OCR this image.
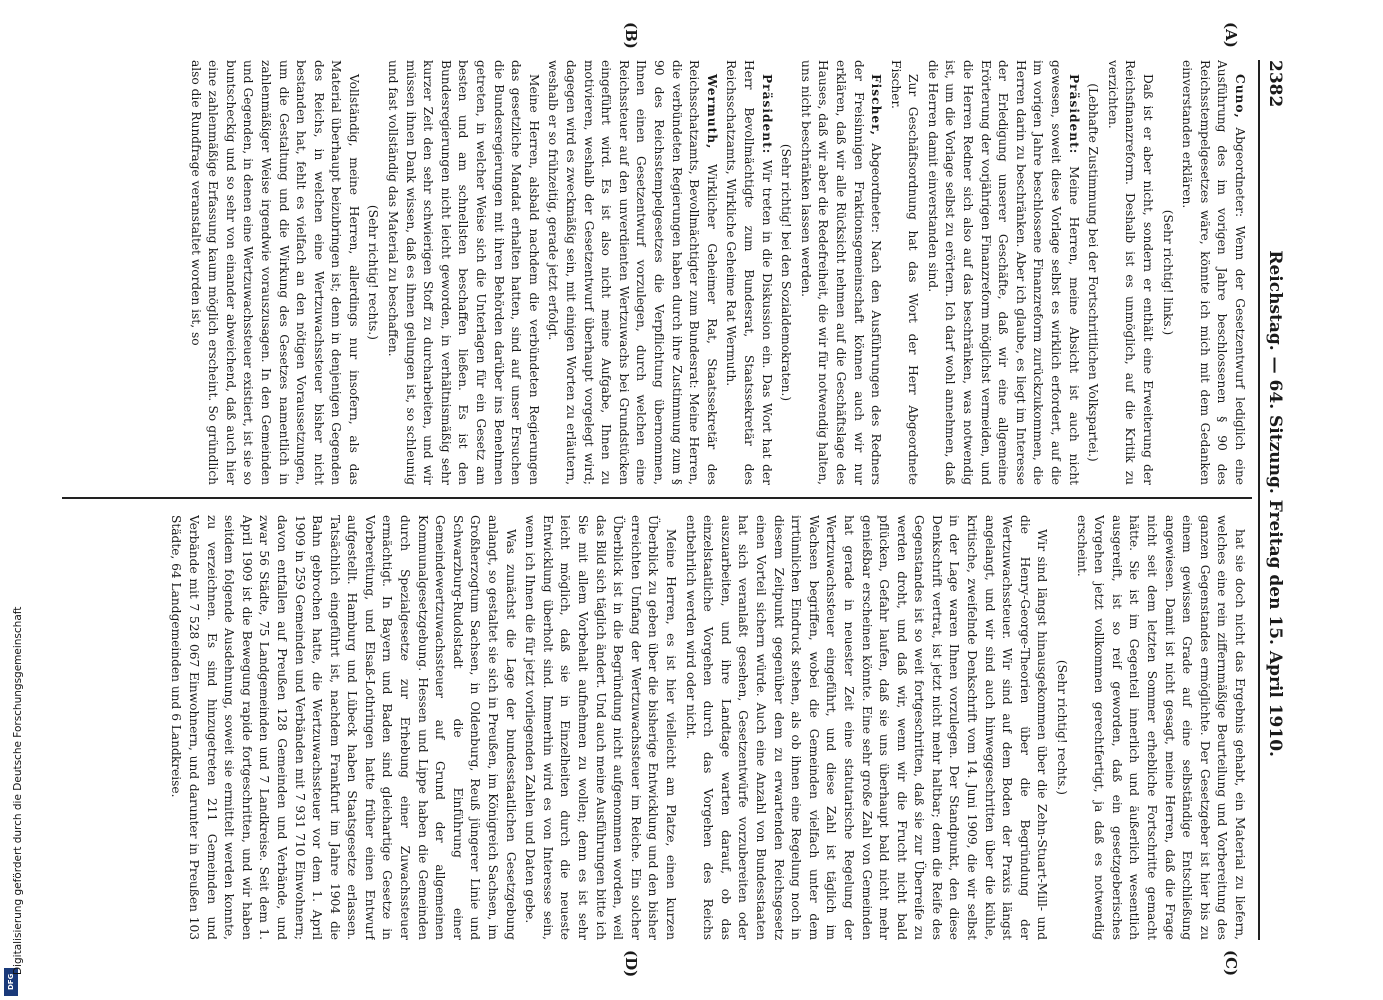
2382
Reichstag. — 64. Sitzung. Freitag den 15. April 1910.
(A)
(B)
(C)
(D)

Cuno, Abgeordneter: Wenn der Gesetzentwurf lediglich eine Ausführung des im vorigen Jahre beschlossenen § 90 des Reichsstempelgesetzes wäre, könnte ich mich mit dem Gedanken einverstanden erklären.

(Sehr richtig! links.)

Daß ist er aber nicht, sondern er enthält eine Erweiterung der Reichsfinanzreform. Deshalb ist es unmöglich, auf die Kritik zu verzichten.

(Lebhafte Zustimmung bei der Fortschrittlichen Volkspartei.)

Präsident: Meine Herren, meine Absicht ist auch nicht gewesen, soweit diese Vorlage selbst es wirklich erfordert, auf die im vorigen Jahre beschlossene Finanzreform zurückzukommen, die Herren darin zu beschränken. Aber ich glaube, es liegt im Interesse der Erledigung unserer Geschäfte, daß wir eine allgemeine Erörterung der vorjährigen Finanzreform möglichst vermeiden, und die Herren Redner sich also auf das beschränken, was notwendig ist, um die Vorlage selbst zu erörtern. Ich darf wohl annehmen, daß die Herren damit einverstanden sind.

Zur Geschäftsordnung hat das Wort der Herr Abgeordnete Fischer.

Fischer, Abgeordneter: Nach den Ausführungen des Redners der Freisinnigen Fraktionsgemeinschaft können auch wir nur erklären, daß wir alle Rücksicht nehmen auf die Geschäftslage des Hauses, daß wir aber die Redefreiheit, die wir für notwendig halten, uns nicht beschränken lassen werden.

(Sehr richtig! bei den Sozialdemokraten.)

Präsident: Wir treten in die Diskussion ein. Das Wort hat der Herr Bevollmächtigte zum Bundesrat, Staatssekretär des Reichsschatzamts, Wirkliche Geheime Rat Wermuth.

Wermuth, Wirklicher Geheimer Rat, Staatssekretär des Reichsschatzamts, Bevollmächtigter zum Bundesrat: Meine Herren, die verbündeten Regierungen haben durch ihre Zustimmung zum § 90 des Reichsstempelgesetzes die Verpflichtung übernommen, Ihnen einen Gesetzentwurf vorzulegen, durch welchen eine Reichssteuer auf den unverdienten Wertzuwachs bei Grundstücken eingeführt wird. Es ist also nicht meine Aufgabe, Ihnen zu motivieren, weshalb der Gesetzentwurf überhaupt vorgelegt wird; dagegen wird es zweckmäßig sein, mit einigen Worten zu erläutern, weshalb er so frühzeitig, gerade jetzt erfolgt.

Meine Herren, alsbald nachdem die verbündeten Regierungen das gesetzliche Mandat erhalten hatten, sind auf unser Ersuchen die Bundesregierungen mit ihren Behörden darüber ins Benehmen getreten, in welcher Weise sich die Unterlagen für ein Gesetz am besten und am schnellsten beschaffen ließen. Es ist den Bundesregierungen nicht leicht geworden, in verhältnismäßig sehr kurzer Zeit den sehr schwierigen Stoff zu durcharbeiten, und wir müssen ihnen Dank wissen, daß es ihnen gelungen ist, so schleunig und fast vollständig das Material zu beschaffen.

(Sehr richtig! rechts.)

Vollständig, meine Herren, allerdings nur insofern, als das Material überhaupt beizubringen ist; denn in denjenigen Gegenden des Reichs, in welchen eine Wertzuwachssteuer bisher nicht bestanden hat, fehlt es vielfach an den nötigen Voraussetzungen, um die Gestaltung und die Wirkung des Gesetzes namentlich in zahlenmäßiger Weise irgendwie vorauszusagen. In den Gemeinden und Gegenden, in denen eine Wertzuwachssteuer existiert, ist sie so buntscheckig und so sehr von einander abweichend, daß auch hier eine zahlenmäßige Erfassung kaum möglich erscheint. So gründlich also die Rundfrage veranstaltet worden ist, so

hat sie doch nicht das Ergebnis gehabt, ein Material zu liefern, welches eine rein ziffernmäßige Beurteilung und Vorbereitung des ganzen Gegenstandes ermöglichte. Der Gesetzgeber ist hier bis zu einem gewissen Grade auf eine selbständige Entschließung angewiesen. Damit ist nicht gesagt, meine Herren, daß die Frage nicht seit dem letzten Sommer erhebliche Fortschritte gemacht hätte. Sie ist im Gegenteil innerlich und äußerlich wesentlich ausgereift, ist so reif geworden, daß ein gesetzgeberisches Vorgehen jetzt vollkommen gerechtfertigt, ja daß es notwendig erscheint.

(Sehr richtig! rechts.)

Wir sind längst hinausgekommen über die Zehn-Stuart-Mill- und die Henry-George-Theorien über die Begründung der Wertzuwachssteuer. Wir sind auf dem Boden der Praxis längst angelangt, und wir sind auch hinweggeschritten über die kühle, kritische, zweifelnde Denkschrift vom 14. Juni 1909, die wir selbst in der Lage waren Ihnen vorzulegen. Der Standpunkt, den diese Denkschrift vertrat, ist jetzt nicht mehr haltbar; denn die Reife des Gegenstandes ist so weit fortgeschritten, daß sie zur Überreife zu werden droht, und daß wir, wenn wir die Frucht nicht bald pflücken, Gefahr laufen, daß sie uns überhaupt bald nicht mehr genießbar erscheinen könnte. Eine sehr große Zahl von Gemeinden hat gerade in neuester Zeit eine statutarische Regelung der Wertzuwachssteuer eingeführt, und diese Zahl ist täglich im Wachsen begriffen, wobei die Gemeinden vielfach unter dem irrtümlichen Eindruck stehen, als ob ihnen eine Regelung noch in diesem Zeitpunkt gegenüber dem zu erwartenden Reichsgesetz einen Vorteil sichern würde. Auch eine Anzahl von Bundesstaaten hat sich veranlaßt gesehen, Gesetzentwürfe vorzubereiten oder auszuarbeiten, und ihre Landtage warten darauf, ob das einzelstaatliche Vorgehen durch das Vorgehen des Reichs entbehrlich werden wird oder nicht.

Meine Herren, es ist hier vielleicht am Platze, einen kurzen Überblick zu geben über die bisherige Entwicklung und den bisher erreichten Umfang der Wertzuwachssteuer im Reiche. Ein solcher Überblick ist in die Begründung nicht aufgenommen worden, weil das Bild sich täglich ändert. Und auch meine Ausführungen bitte ich Sie mit allem Vorbehalt aufnehmen zu wollen; denn es ist sehr leicht möglich, daß sie in Einzelheiten durch die neueste Entwicklung überholt sind. Immerhin wird es von Interesse sein, wenn ich Ihnen die für jetzt vorliegenden Zahlen und Daten gebe.

Was zunächst die Lage der bundesstaatlichen Gesetzgebung anlangt, so gestaltet sie sich in Preußen, im Königreich Sachsen, im Großherzogtum Sachsen, in Oldenburg, Reuß jüngerer Linie und Schwarzburg-Rudolstadt die Einführung einer Gemeindewertzuwachssteuer auf Grund der allgemeinen Kommunalgesetzgebung. Hessen und Lippe haben die Gemeinden durch Spezialgesetze zur Erhebung einer Zuwachssteuer ermächtigt. In Bayern und Baden sind gleichartige Gesetze in Vorbereitung, und Elsaß-Lothringen hatte früher einen Entwurf aufgestellt. Hamburg und Lübeck haben Staatsgesetze erlassen. Tatsächlich eingeführt ist, nachdem Frankfurt im Jahre 1904 die Bahn gebrochen hatte, die Wertzuwachssteuer vor dem 1. April 1909 in 259 Gemeinden und Verbänden mit 7 931 710 Einwohnern; davon entfallen auf Preußen 128 Gemeinden und Verbände, und zwar 56 Städte, 75 Landgemeinden und 7 Landkreise. Seit dem 1. April 1909 ist die Bewegung rapide fortgeschritten, und wir haben seitdem folgende Ausdehnung, soweit sie ermittelt werden konnte, zu verzeichnen. Es sind hinzugetreten 211 Gemeinden und Verbände mit 7 528 067 Einwohnern, und darunter in Preußen 103 Städte, 64 Landgemeinden und 6 Landkreise.

DFG
Digitalisierung gefördert durch die Deutsche Forschungsgemeinschaft
